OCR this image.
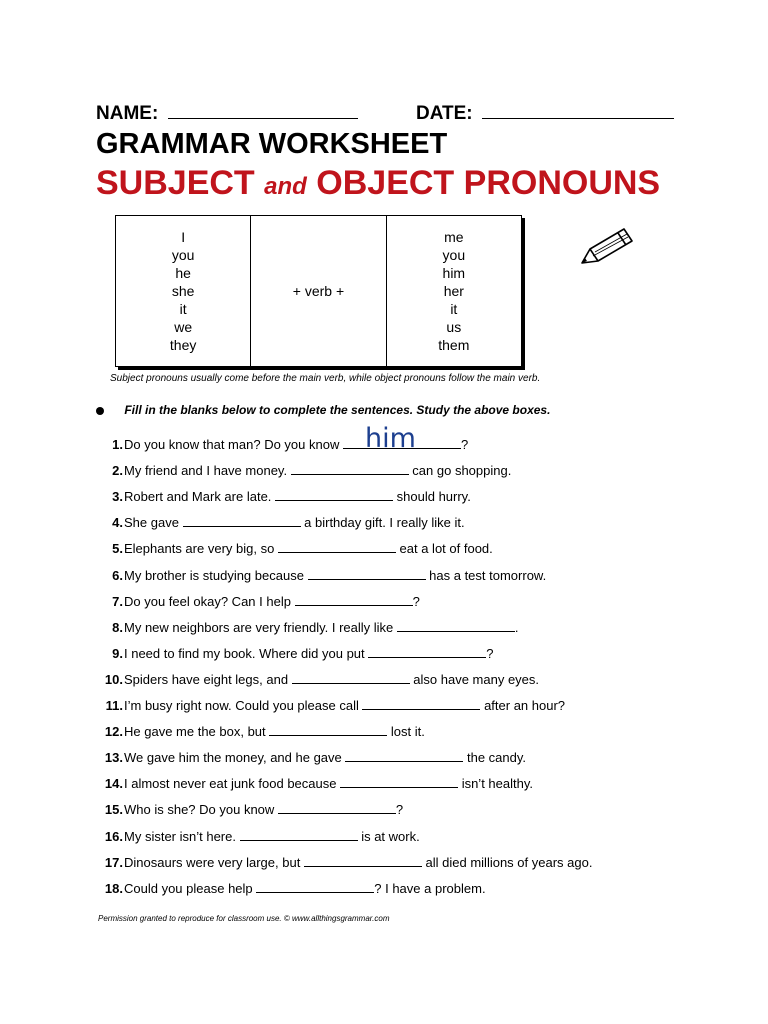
NAME:	DATE:
GRAMMAR WORKSHEET
SUBJECT and OBJECT PRONOUNS
I
you
he
she
it
we
they
+ verb +
me
you
him
her
it
us
them
Subject pronouns usually come before the main verb, while object pronouns follow the main verb.
Fill in the blanks below to complete the sentences. Study the above boxes.
1.Do you know that man? Do you know him	?
2.My friend and I have money.	can go shopping.
3.Robert and Mark are late.	should hurry.
4.She gave	a birthday gift. I really like it.
5.Elephants are very big, so	eat a lot of food.
6.My brother is studying because	has a test tomorrow.
7.Do you feel okay? Can I help	?
8.My new neighbors are very friendly. I really like	.
9.I need to find my book. Where did you put	?
10.Spiders have eight legs, and	also have many eyes.
11.I’m busy right now. Could you please call	after an hour?
12.He gave me the box, but	lost it.
13.We gave him the money, and he gave	the candy.
14.I almost never eat junk food because	isn’t healthy.
15.Who is she? Do you know	?
16.My sister isn’t here.	is at work.
17.Dinosaurs were very large, but	all died millions of years ago.
18.Could you please help	? I have a problem.
Permission granted to reproduce for classroom use. © www.allthingsgrammar.com
